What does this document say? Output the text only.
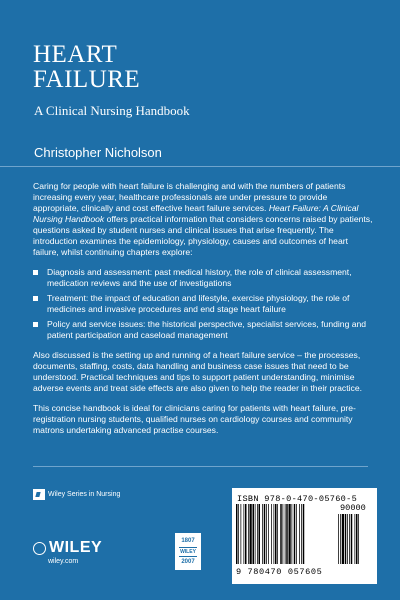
HEART
FAILURE
A Clinical Nursing Handbook
Christopher Nicholson

Caring for people with heart failure is challenging and with the numbers of patients increasing every year, healthcare professionals are under pressure to provide appropriate, clinically and cost effective heart failure services. Heart Failure: A Clinical Nursing Handbook offers practical information that considers concerns raised by patients, questions asked by student nurses and clinical issues that arise frequently. The introduction examines the epidemiology, physiology, causes and outcomes of heart failure, whilst continuing chapters explore:

Diagnosis and assessment: past medical history, the role of clinical assessment, medication reviews and the use of investigations
Treatment: the impact of education and lifestyle, exercise physiology, the role of medicines and invasive procedures and end stage heart failure
Policy and service issues: the historical perspective, specialist services, funding and patient participation and caseload management

Also discussed is the setting up and running of a heart failure service – the processes, documents, staffing, costs, data handling and business case issues that need to be understood. Practical techniques and tips to support patient understanding, minimise adverse events and treat side effects are also given to help the reader in their practice.

This concise handbook is ideal for clinicians caring for patients with heart failure, pre-registration nursing students, qualified nurses on cardiology courses and community matrons undertaking advanced practise courses.

Wiley Series in Nursing
WILEY
wiley.com
1807
WILEY
2007
ISBN 978-0-470-05760-5
90000
9 780470 057605
